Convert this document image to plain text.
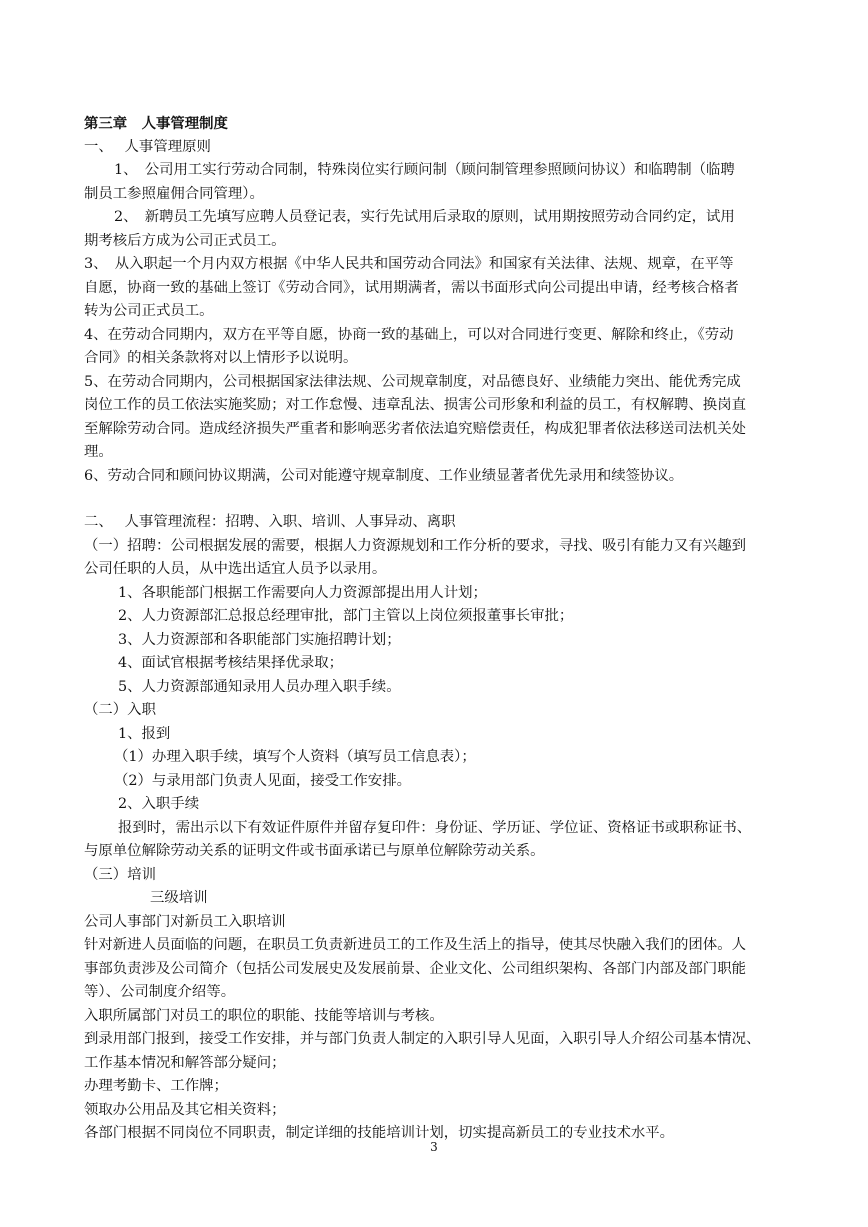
第三章　人事管理制度
一、　 人事管理原则
1、　公司用工实行劳动合同制，特殊岗位实行顾问制（顾问制管理参照顾问协议）和临聘制（临聘
制员工参照雇佣合同管理）。
2、　新聘员工先填写应聘人员登记表，实行先试用后录取的原则，试用期按照劳动合同约定，试用
期考核后方成为公司正式员工。
3、　从入职起一个月内双方根据《中华人民共和国劳动合同法》和国家有关法律、法规、规章，在平等
自愿，协商一致的基础上签订《劳动合同》，试用期满者，需以书面形式向公司提出申请，经考核合格者
转为公司正式员工。
4、在劳动合同期内，双方在平等自愿，协商一致的基础上，可以对合同进行变更、解除和终止，《劳动
合同》的相关条款将对以上情形予以说明。
5、在劳动合同期内，公司根据国家法律法规、公司规章制度，对品德良好、业绩能力突出、能优秀完成
岗位工作的员工依法实施奖励；对工作怠慢、违章乱法、损害公司形象和利益的员工，有权解聘、换岗直
至解除劳动合同。造成经济损失严重者和影响恶劣者依法追究赔偿责任，构成犯罪者依法移送司法机关处
理。
6、劳动合同和顾问协议期满，公司对能遵守规章制度、工作业绩显著者优先录用和续签协议。
二、　 人事管理流程：招聘、入职、培训、人事异动、离职
（一）招聘：公司根据发展的需要，根据人力资源规划和工作分析的要求，寻找、吸引有能力又有兴趣到
公司任职的人员，从中选出适宜人员予以录用。
1、各职能部门根据工作需要向人力资源部提出用人计划；
2、人力资源部汇总报总经理审批，部门主管以上岗位须报董事长审批；
3、人力资源部和各职能部门实施招聘计划；
4、面试官根据考核结果择优录取；
5、人力资源部通知录用人员办理入职手续。
（二）入职
1、报到
（1）办理入职手续，填写个人资料（填写员工信息表）；
（2）与录用部门负责人见面，接受工作安排。
2、入职手续
报到时，需出示以下有效证件原件并留存复印件：身份证、学历证、学位证、资格证书或职称证书、
与原单位解除劳动关系的证明文件或书面承诺已与原单位解除劳动关系。
（三）培训
三级培训
公司人事部门对新员工入职培训
针对新进人员面临的问题，在职员工负责新进员工的工作及生活上的指导，使其尽快融入我们的团体。人
事部负责涉及公司简介（包括公司发展史及发展前景、企业文化、公司组织架构、各部门内部及部门职能
等）、公司制度介绍等。
入职所属部门对员工的职位的职能、技能等培训与考核。
到录用部门报到，接受工作安排，并与部门负责人制定的入职引导人见面，入职引导人介绍公司基本情况、
工作基本情况和解答部分疑问；
办理考勤卡、工作牌；
领取办公用品及其它相关资料；
各部门根据不同岗位不同职责，制定详细的技能培训计划，切实提高新员工的专业技术水平。
3
